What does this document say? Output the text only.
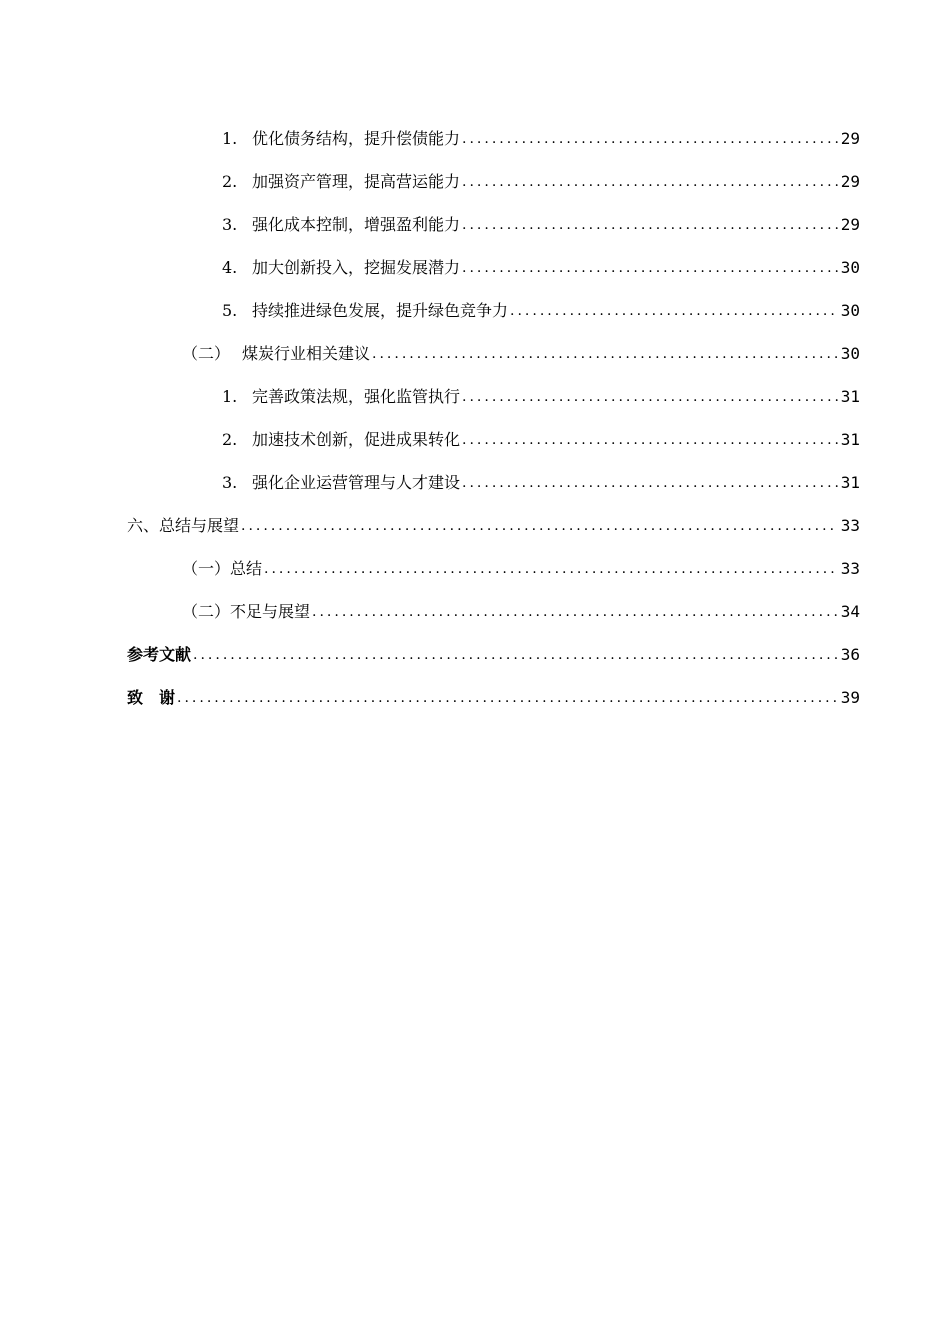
1. 优化债务结构，提升偿债能力 .....	29
2. 加强资产管理，提高营运能力 .....	29
3. 强化成本控制，增强盈利能力 .....	29
4. 加大创新投入，挖掘发展潜力 .....	30
5. 持续推进绿色发展，提升绿色竞争力 .....	30
（二） 煤炭行业相关建议 .....	30
1. 完善政策法规，强化监管执行 .....	31
2. 加速技术创新，促进成果转化 .....	31
3. 强化企业运营管理与人才建设 .....	31
六、总结与展望 .....	33
（一）总结 .....	33
（二）不足与展望 .....	34
参考文献 .....	36
致　谢 .....	39
